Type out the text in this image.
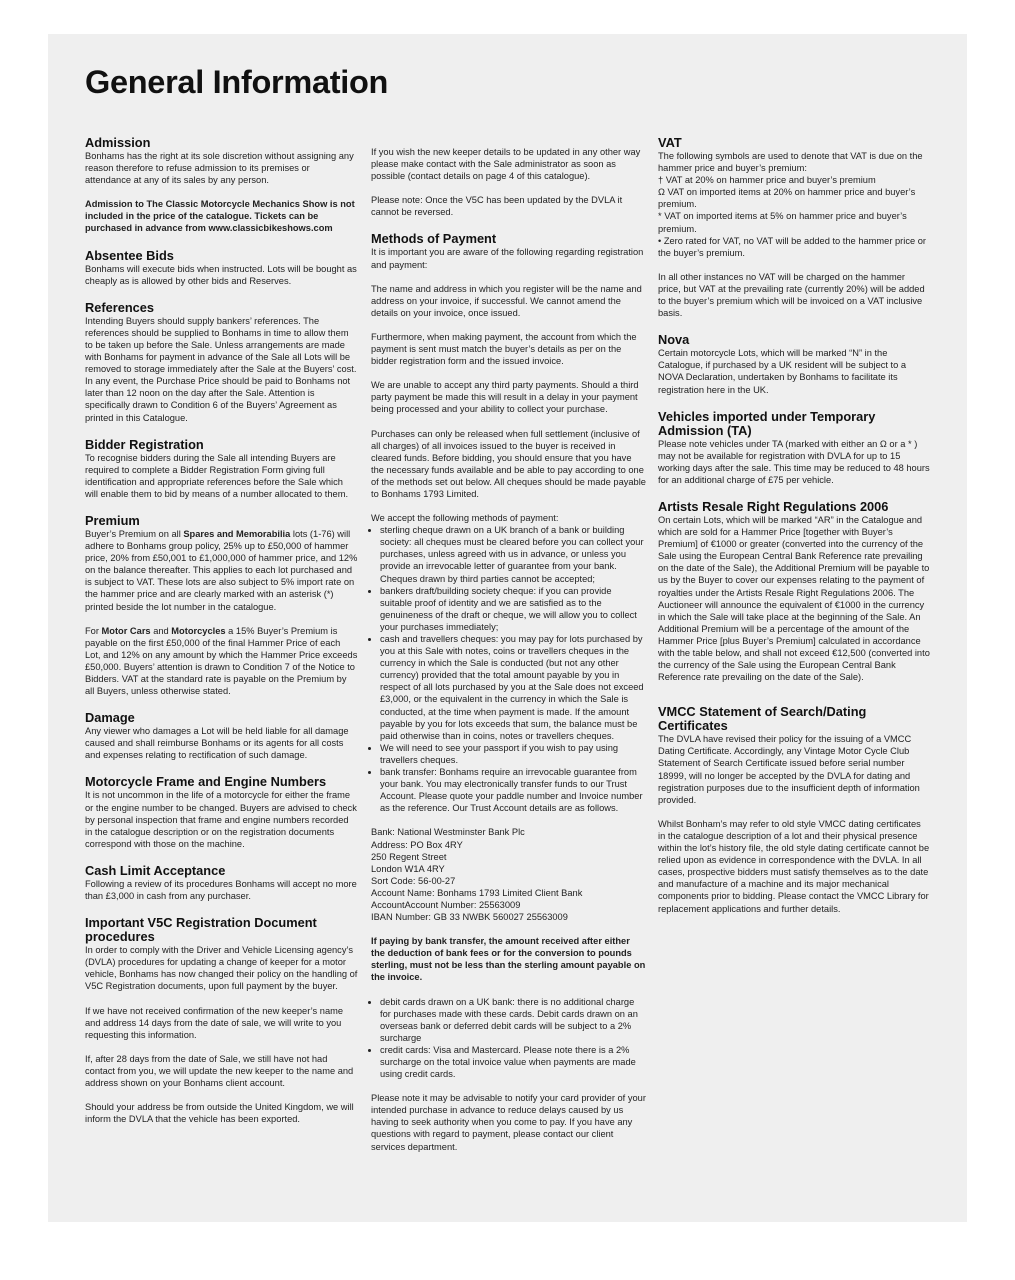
General Information
Admission

Bonhams has the right at its sole discretion without assigning any reason therefore to refuse admission to its premises or attendance at any of its sales by any person.

Admission to The Classic Motorcycle Mechanics Show is not included in the price of the catalogue. Tickets can be purchased in advance from www.classicbikeshows.com

Absentee Bids

Bonhams will execute bids when instructed. Lots will be bought as cheaply as is allowed by other bids and Reserves.

References

Intending Buyers should supply bankers’ references. The references should be supplied to Bonhams in time to allow them to be taken up before the Sale. Unless arrangements are made with Bonhams for payment in advance of the Sale all Lots will be removed to storage immediately after the Sale at the Buyers’ cost. In any event, the Purchase Price should be paid to Bonhams not later than 12 noon on the day after the Sale. Attention is specifically drawn to Condition 6 of the Buyers’ Agreement as printed in this Catalogue.

Bidder Registration

To recognise bidders during the Sale all intending Buyers are required to complete a Bidder Registration Form giving full identification and appropriate references before the Sale which will enable them to bid by means of a number allocated to them.

Premium

Buyer’s Premium on all Spares and Memorabilia lots (1-76) will adhere to Bonhams group policy, 25% up to £50,000 of hammer price, 20% from £50,001 to £1,000,000 of hammer price, and 12% on the balance thereafter. This applies to each lot purchased and is subject to VAT. These lots are also subject to 5% import rate on the hammer price and are clearly marked with an asterisk (*) printed beside the lot number in the catalogue.

For Motor Cars and Motorcycles a 15% Buyer’s Premium is payable on the first £50,000 of the final Hammer Price of each Lot, and 12% on any amount by which the Hammer Price exceeds £50,000. Buyers’ attention is drawn to Condition 7 of the Notice to Bidders. VAT at the standard rate is payable on the Premium by all Buyers, unless otherwise stated.

Damage

Any viewer who damages a Lot will be held liable for all damage caused and shall reimburse Bonhams or its agents for all costs and expenses relating to rectification of such damage.

Motorcycle Frame and Engine Numbers

It is not uncommon in the life of a motorcycle for either the frame or the engine number to be changed. Buyers are advised to check by personal inspection that frame and engine numbers recorded in the catalogue description or on the registration documents correspond with those on the machine.

Cash Limit Acceptance

Following a review of its procedures Bonhams will accept no more than £3,000 in cash from any purchaser.

Important V5C Registration Document procedures

In order to comply with the Driver and Vehicle Licensing agency’s (DVLA) procedures for updating a change of keeper for a motor vehicle, Bonhams has now changed their policy on the handling of V5C Registration documents, upon full payment by the buyer.

If we have not received confirmation of the new keeper’s name and address 14 days from the date of sale, we will write to you requesting this information.

If, after 28 days from the date of Sale, we still have not had contact from you, we will update the new keeper to the name and address shown on your Bonhams client account.

Should your address be from outside the United Kingdom, we will inform the DVLA that the vehicle has been exported.

If you wish the new keeper details to be updated in any other way please make contact with the Sale administrator as soon as possible (contact details on page 4 of this catalogue).

Please note: Once the V5C has been updated by the DVLA it cannot be reversed.

Methods of Payment

It is important you are aware of the following regarding registration and payment:

The name and address in which you register will be the name and address on your invoice, if successful. We cannot amend the details on your invoice, once issued.

Furthermore, when making payment, the account from which the payment is sent must match the buyer’s details as per on the bidder registration form and the issued invoice.

We are unable to accept any third party payments. Should a third party payment be made this will result in a delay in your payment being processed and your ability to collect your purchase.

Purchases can only be released when full settlement (inclusive of all charges) of all invoices issued to the buyer is received in cleared funds. Before bidding, you should ensure that you have the necessary funds available and be able to pay according to one of the methods set out below. All cheques should be made payable to Bonhams 1793 Limited.

We accept the following methods of payment:

• sterling cheque drawn on a UK branch of a bank or building society: all cheques must be cleared before you can collect your purchases, unless agreed with us in advance, or unless you provide an irrevocable letter of guarantee from your bank. Cheques drawn by third parties cannot be accepted;
• bankers draft/building society cheque: if you can provide suitable proof of identity and we are satisfied as to the genuineness of the draft or cheque, we will allow you to collect your purchases immediately;
• cash and travellers cheques: you may pay for lots purchased by you at this Sale with notes, coins or travellers cheques in the currency in which the Sale is conducted (but not any other currency) provided that the total amount payable by you in respect of all lots purchased by you at the Sale does not exceed £3,000, or the equivalent in the currency in which the Sale is conducted, at the time when payment is made. If the amount payable by you for lots exceeds that sum, the balance must be paid otherwise than in coins, notes or travellers cheques.
• We will need to see your passport if you wish to pay using travellers cheques.
• bank transfer: Bonhams require an irrevocable guarantee from your bank. You may electronically transfer funds to our Trust Account. Please quote your paddle number and Invoice number as the reference. Our Trust Account details are as follows.

Bank: National Westminster Bank Plc

Address: PO Box 4RY

250 Regent Street

London W1A 4RY

Sort Code: 56-00-27

Account Name: Bonhams 1793 Limited Client Bank

AccountAccount Number: 25563009

IBAN Number: GB 33 NWBK 560027 25563009

If paying by bank transfer, the amount received after either the deduction of bank fees or for the conversion to pounds sterling, must not be less than the sterling amount payable on the invoice.

• debit cards drawn on a UK bank: there is no additional charge for purchases made with these cards. Debit cards drawn on an overseas bank or deferred debit cards will be subject to a 2% surcharge
• credit cards: Visa and Mastercard. Please note there is a 2% surcharge on the total invoice value when payments are made using credit cards.

Please note it may be advisable to notify your card provider of your intended purchase in advance to reduce delays caused by us having to seek authority when you come to pay. If you have any questions with regard to payment, please contact our client services department.

VAT

The following symbols are used to denote that VAT is due on the hammer price and buyer’s premium:

† VAT at 20% on hammer price and buyer’s premium

Ω VAT on imported items at 20% on hammer price and buyer’s premium.

* VAT on imported items at 5% on hammer price and buyer’s premium.

• Zero rated for VAT, no VAT will be added to the hammer price or the buyer’s premium.

In all other instances no VAT will be charged on the hammer price, but VAT at the prevailing rate (currently 20%) will be added to the buyer’s premium which will be invoiced on a VAT inclusive basis.

Nova

Certain motorcycle Lots, which will be marked “N” in the Catalogue, if purchased by a UK resident will be subject to a NOVA Declaration, undertaken by Bonhams to facilitate its registration here in the UK.

Vehicles imported under Temporary Admission (TA)

Please note vehicles under TA (marked with either an Ω or a * ) may not be available for registration with DVLA for up to 15 working days after the sale. This time may be reduced to 48 hours for an additional charge of £75 per vehicle.

Artists Resale Right Regulations 2006

On certain Lots, which will be marked “AR” in the Catalogue and which are sold for a Hammer Price [together with Buyer’s Premium] of €1000 or greater (converted into the currency of the Sale using the European Central Bank Reference rate prevailing on the date of the Sale), the Additional Premium will be payable to us by the Buyer to cover our expenses relating to the payment of royalties under the Artists Resale Right Regulations 2006. The Auctioneer will announce the equivalent of €1000 in the currency in which the Sale will take place at the beginning of the Sale. An Additional Premium will be a percentage of the amount of the Hammer Price [plus Buyer’s Premium] calculated in accordance with the table below, and shall not exceed €12,500 (converted into the currency of the Sale using the European Central Bank Reference rate prevailing on the date of the Sale).

VMCC Statement of Search/Dating Certificates

The DVLA have revised their policy for the issuing of a VMCC Dating Certificate. Accordingly, any Vintage Motor Cycle Club Statement of Search Certificate issued before serial number 18999, will no longer be accepted by the DVLA for dating and registration purposes due to the insufficient depth of information provided.

Whilst Bonham’s may refer to old style VMCC dating certificates in the catalogue description of a lot and their physical presence within the lot’s history file, the old style dating certificate cannot be relied upon as evidence in correspondence with the DVLA. In all cases, prospective bidders must satisfy themselves as to the date and manufacture of a machine and its major mechanical components prior to bidding. Please contact the VMCC Library for replacement applications and further details.
